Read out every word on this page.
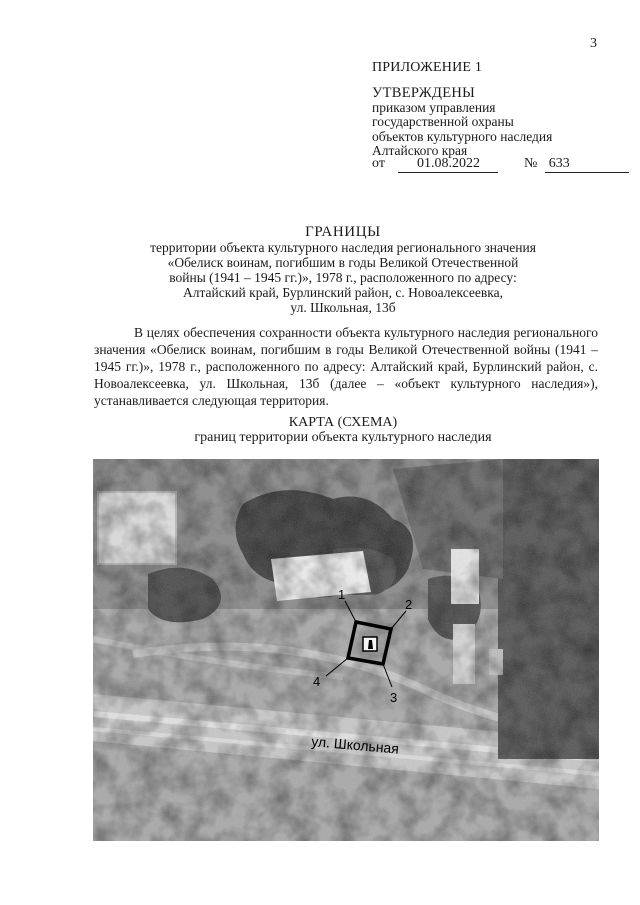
3
ПРИЛОЖЕНИЕ 1
УТВЕРЖДЕНЫ
приказом управления
государственной охраны
объектов культурного наследия
Алтайского края
от 01.08.2022	№ 633
ГРАНИЦЫ
территории объекта культурного наследия регионального значения
«Обелиск воинам, погибшим в годы Великой Отечественной
войны (1941 – 1945 гг.)», 1978 г., расположенного по адресу:
Алтайский край, Бурлинский район, с. Новоалексеевка,
ул. Школьная, 13б
В целях обеспечения сохранности объекта культурного наследия регионального значения «Обелиск воинам, погибшим в годы Великой Отечественной войны (1941 – 1945 гг.)», 1978 г., расположенного по адресу: Алтайский край, Бурлинский район, с. Новоалексеевка, ул. Школьная, 13б (далее – «объект культурного наследия»), устанавливается следующая территория.
КАРТА (СХЕМА)
границ территории объекта культурного наследия
1
2
3
4
ул. Школьная
